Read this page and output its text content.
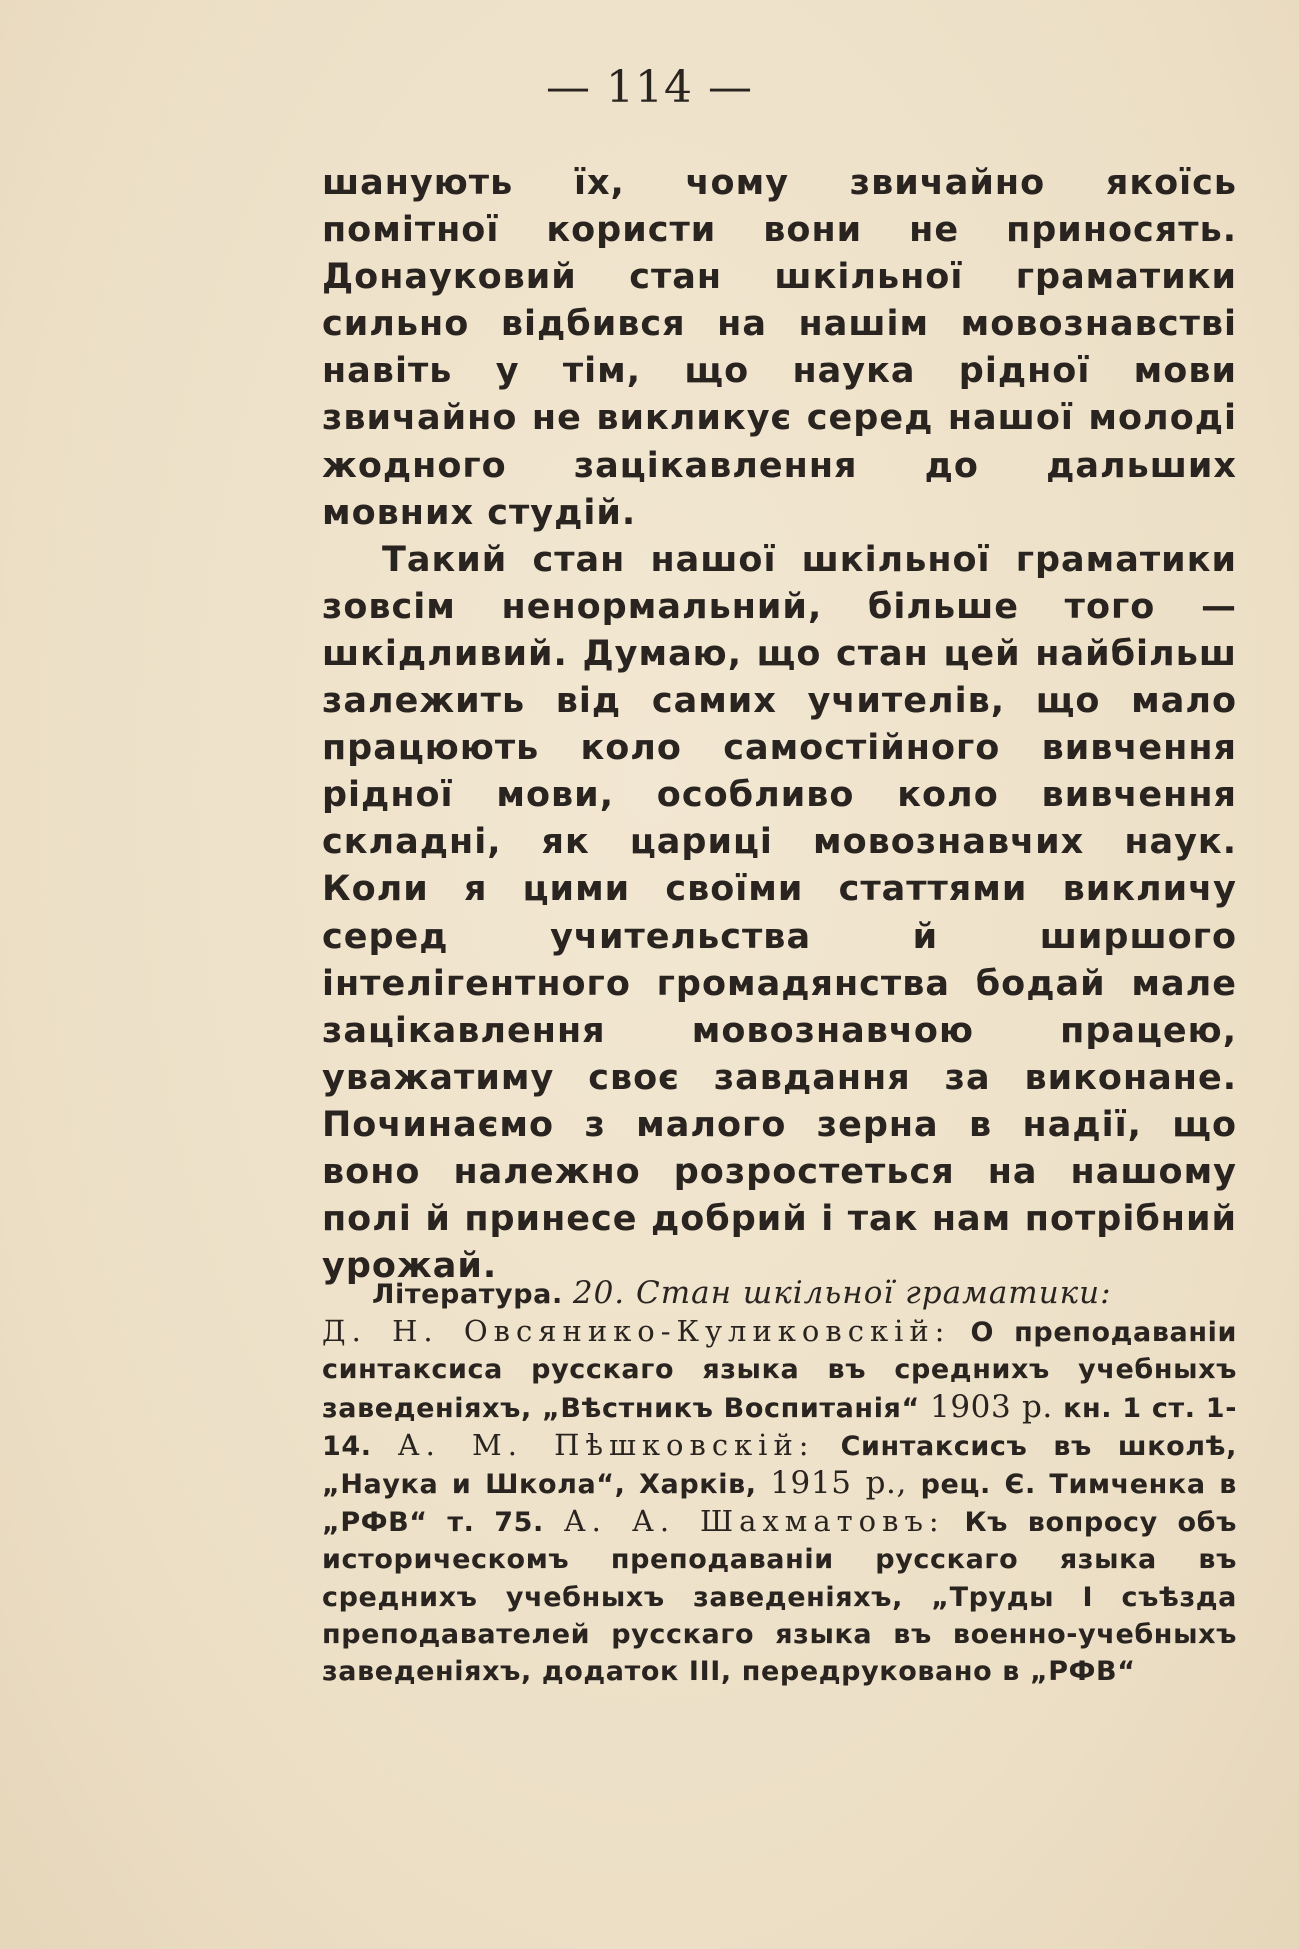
— 114 —

шанують їх, чому звичайно якоїсь помітної користи вони не приносять. Донауковий стан шкільної граматики сильно відбився на нашім мовознавстві навіть у тім, що наука рідної мови звичайно не викликує серед нашої молоді жодного зацікавлення до дальших мовних студій.

Такий стан нашої шкільної граматики зовсім ненормальний, більше того — шкідливий. Думаю, що стан цей найбільш залежить від самих учителів, що мало працюють коло самостійного вивчення рідної мови, особливо коло вивчення складні, як цариці мовознавчих наук. Коли я цими своїми статтями викличу серед учительства й ширшого інтелігентного громадянства бодай мале зацікавлення мовознавчою працею, уважатиму своє завдання за виконане. Починаємо з малого зерна в надії, що воно належно розростеться на нашому полі й принесе добрий і так нам потрібний урожай.

Література. 20. Стан шкільної граматики:
Д. Н. Овсянико-Куликовскій: О преподаваніи синтаксиса русскаго языка въ среднихъ учебныхъ заведеніяхъ, „Вѣстникъ Воспитанія“ 1903 р. кн. 1 ст. 1-14. А. М. Пѣшковскій: Синтаксисъ въ школѣ, „Наука и Школа“, Харків, 1915 р., рец. Є. Тимченка в „РФВ“ т. 75. А. А. Шахматовъ: Къ вопросу объ историческомъ преподаваніи русскаго языка въ среднихъ учебныхъ заведеніяхъ, „Труды І съѣзда преподавателей русскаго языка въ военно-учебныхъ заведеніяхъ, додаток ІІІ, передруковано в „РФВ“
